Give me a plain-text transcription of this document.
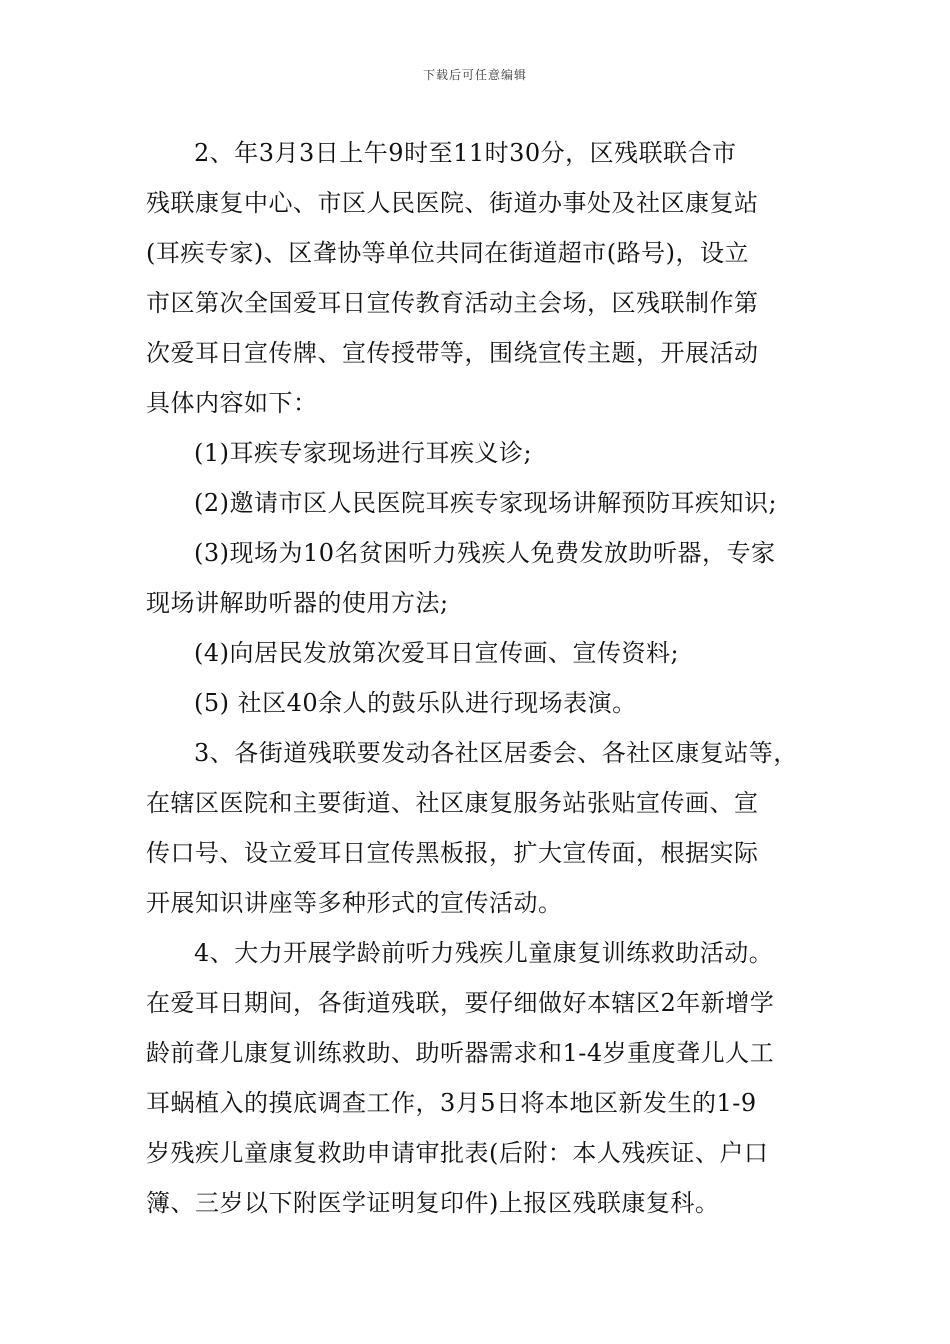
下载后可任意编辑
2、年3月3日上午9时至11时30分，区残联联合市
残联康复中心、市区人民医院、街道办事处及社区康复站
(耳疾专家)、区聋协等单位共同在街道超市(路号)，设立
市区第次全国爱耳日宣传教育活动主会场，区残联制作第
次爱耳日宣传牌、宣传授带等，围绕宣传主题，开展活动
具体内容如下：
(1)耳疾专家现场进行耳疾义诊;
(2)邀请市区人民医院耳疾专家现场讲解预防耳疾知识;
(3)现场为10名贫困听力残疾人免费发放助听器，专家
现场讲解助听器的使用方法;
(4)向居民发放第次爱耳日宣传画、宣传资料;
(5) 社区40余人的鼓乐队进行现场表演。
3、各街道残联要发动各社区居委会、各社区康复站等，
在辖区医院和主要街道、社区康复服务站张贴宣传画、宣
传口号、设立爱耳日宣传黑板报，扩大宣传面，根据实际
开展知识讲座等多种形式的宣传活动。
4、大力开展学龄前听力残疾儿童康复训练救助活动。
在爱耳日期间，各街道残联，要仔细做好本辖区2年新增学
龄前聋儿康复训练救助、助听器需求和1-4岁重度聋儿人工
耳蜗植入的摸底调查工作，3月5日将本地区新发生的1-9
岁残疾儿童康复救助申请审批表(后附：本人残疾证、户口
簿、三岁以下附医学证明复印件)上报区残联康复科。
